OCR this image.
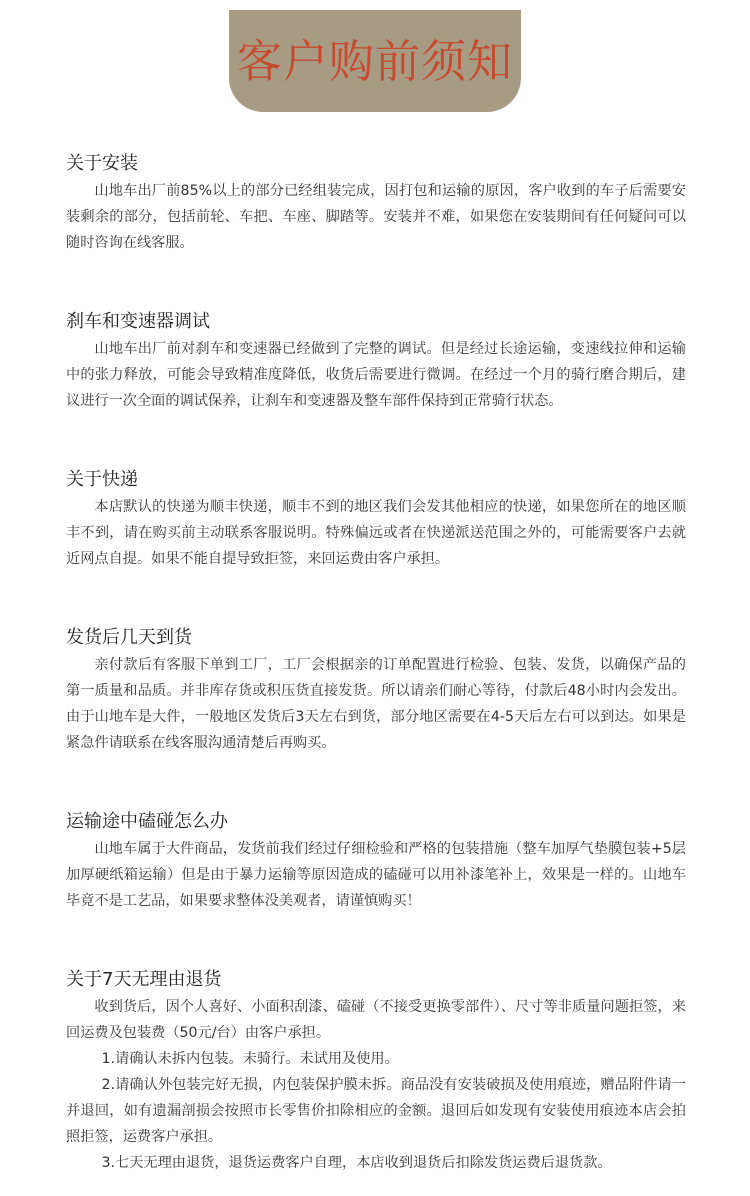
客户购前须知
关于安装
山地车出厂前85%以上的部分已经组装完成，因打包和运输的原因，客户收到的车子后需要安装剩余的部分，包括前轮、车把、车座、脚踏等。安装并不难，如果您在安装期间有任何疑问可以随时咨询在线客服。
刹车和变速器调试
山地车出厂前对刹车和变速器已经做到了完整的调试。但是经过长途运输，变速线拉伸和运输中的张力释放，可能会导致精准度降低，收货后需要进行微调。在经过一个月的骑行磨合期后，建议进行一次全面的调试保养，让刹车和变速器及整车部件保持到正常骑行状态。
关于快递
本店默认的快递为顺丰快递，顺丰不到的地区我们会发其他相应的快递，如果您所在的地区顺丰不到，请在购买前主动联系客服说明。特殊偏远或者在快递派送范围之外的，可能需要客户去就近网点自提。如果不能自提导致拒签，来回运费由客户承担。
发货后几天到货
亲付款后有客服下单到工厂，工厂会根据亲的订单配置进行检验、包装、发货，以确保产品的第一质量和品质。并非库存货或积压货直接发货。所以请亲们耐心等待，付款后48小时内会发出。由于山地车是大件，一般地区发货后3天左右到货，部分地区需要在4-5天后左右可以到达。如果是紧急件请联系在线客服沟通清楚后再购买。
运输途中磕碰怎么办
山地车属于大件商品，发货前我们经过仔细检验和严格的包装措施（整车加厚气垫膜包装+5层加厚硬纸箱运输）但是由于暴力运输等原因造成的磕碰可以用补漆笔补上，效果是一样的。山地车毕竟不是工艺品，如果要求整体没美观者，请谨慎购买！
关于7天无理由退货
收到货后，因个人喜好、小面积刮漆、磕碰（不接受更换零部件）、尺寸等非质量问题拒签，来回运费及包装费（50元/台）由客户承担。
1.请确认未拆内包装。未骑行。未试用及使用。
2.请确认外包装完好无损，内包装保护膜未拆。商品没有安装破损及使用痕迹，赠品附件请一并退回，如有遗漏剖损会按照市长零售价扣除相应的金额。退回后如发现有安装使用痕迹本店会拍照拒签，运费客户承担。
3.七天无理由退货，退货运费客户自理，本店收到退货后扣除发货运费后退货款。
